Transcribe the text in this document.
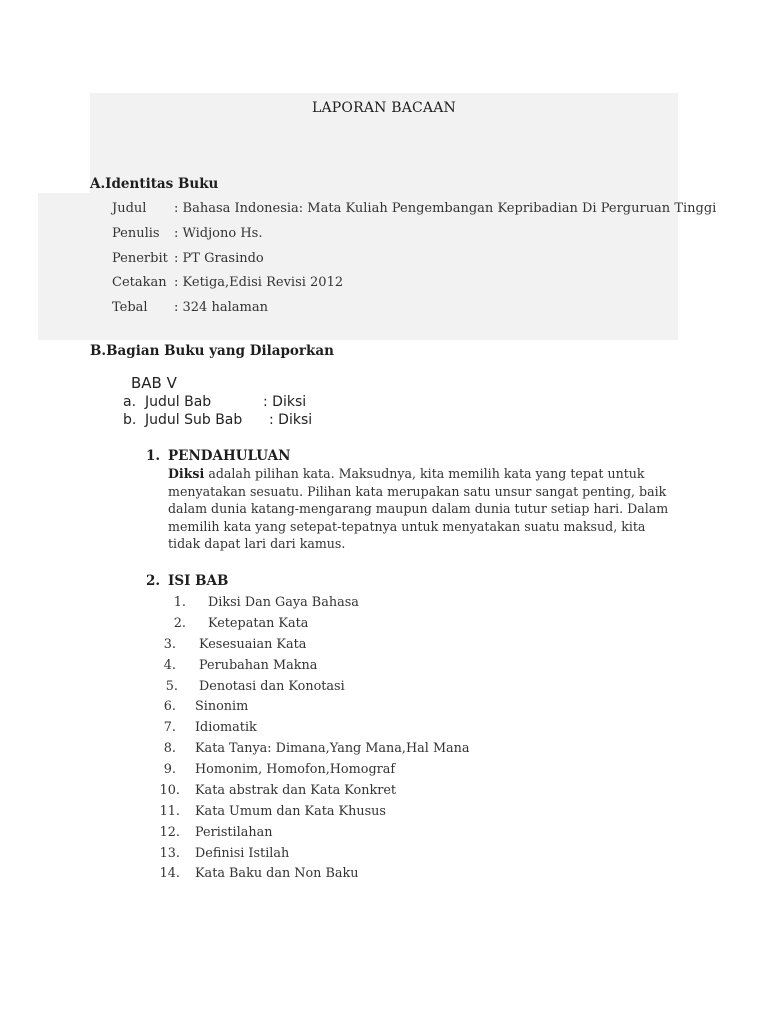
LAPORAN BACAAN
A.Identitas Buku
Judul : Bahasa Indonesia: Mata Kuliah Pengembangan Kepribadian Di Perguruan Tinggi
Penulis : Widjono Hs.
Penerbit : PT Grasindo
Cetakan : Ketiga,Edisi Revisi 2012
Tebal : 324 halaman
B.Bagian Buku yang Dilaporkan
BAB V
a. Judul Bab	: Diksi
b. Judul Sub Bab : Diksi
1. PENDAHULUAN
Diksi adalah pilihan kata. Maksudnya, kita memilih kata yang tepat untuk menyatakan sesuatu. Pilihan kata merupakan satu unsur sangat penting, baik dalam dunia katang-mengarang maupun dalam dunia tutur setiap hari. Dalam memilih kata yang setepat-tepatnya untuk menyatakan suatu maksud, kita tidak dapat lari dari kamus.
2. ISI BAB
1. Diksi Dan Gaya Bahasa
2. Ketepatan Kata
3. Kesesuaian Kata
4. Perubahan Makna
5. Denotasi dan Konotasi
6. Sinonim
7. Idiomatik
8. Kata Tanya: Dimana,Yang Mana,Hal Mana
9. Homonim, Homofon,Homograf
10. Kata abstrak dan Kata Konkret
11. Kata Umum dan Kata Khusus
12. Peristilahan
13. Definisi Istilah
14. Kata Baku dan Non Baku
